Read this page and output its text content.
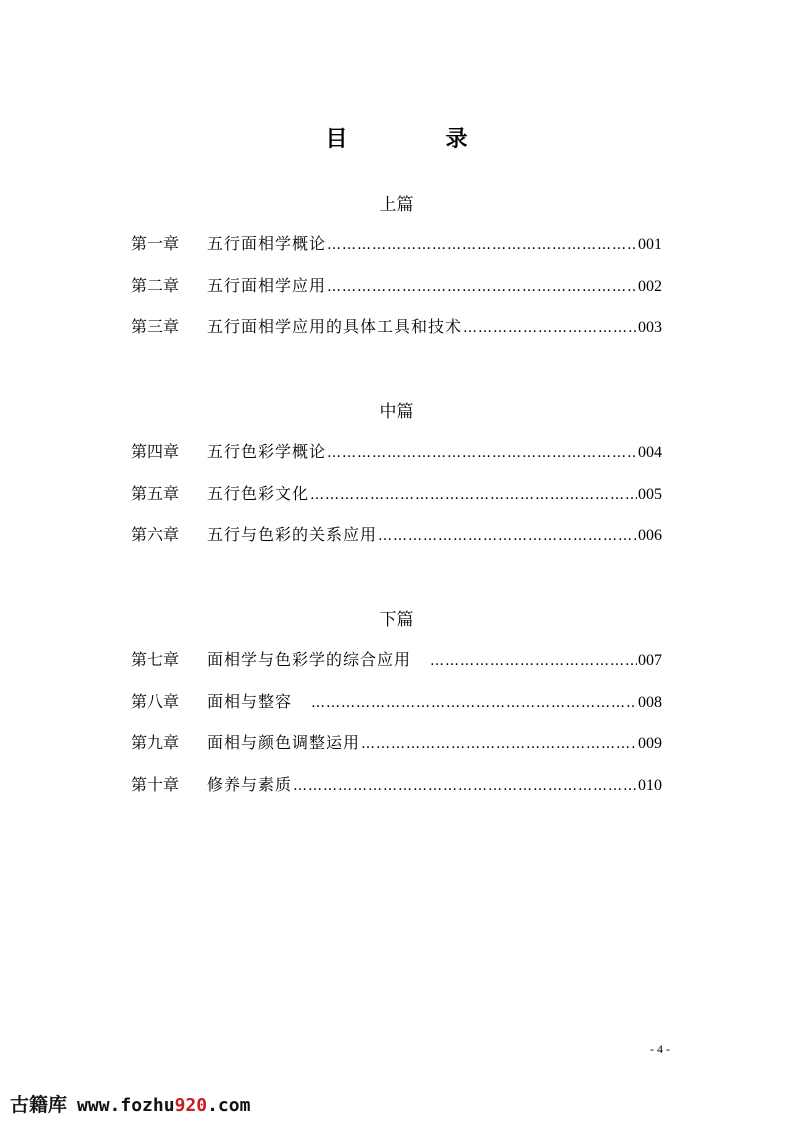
目　录
上篇
第一章	五行面相学概论 ……………………………………………………………………………………………………………………………………………………	001
第二章	五行面相学应用 ……………………………………………………………………………………………………………………………………………………	002
第三章	五行面相学应用的具体工具和技术 ……………………………………………………………………………………………………………………………………………………	003
中篇
第四章	五行色彩学概论 ……………………………………………………………………………………………………………………………………………………	004
第五章	五行色彩文化 ……………………………………………………………………………………………………………………………………………………	005
第六章	五行与色彩的关系应用 ……………………………………………………………………………………………………………………………………………………	006
下篇
第七章	面相学与色彩学的综合应用 ……………………………………………………………………………………………………………………………………………………	007
第八章	面相与整容 ……………………………………………………………………………………………………………………………………………………	008
第九章	面相与颜色调整运用 ……………………………………………………………………………………………………………………………………………………	009
第十章	修养与素质 ……………………………………………………………………………………………………………………………………………………	010
- 4 -
古籍库 www.fozhu920.com
